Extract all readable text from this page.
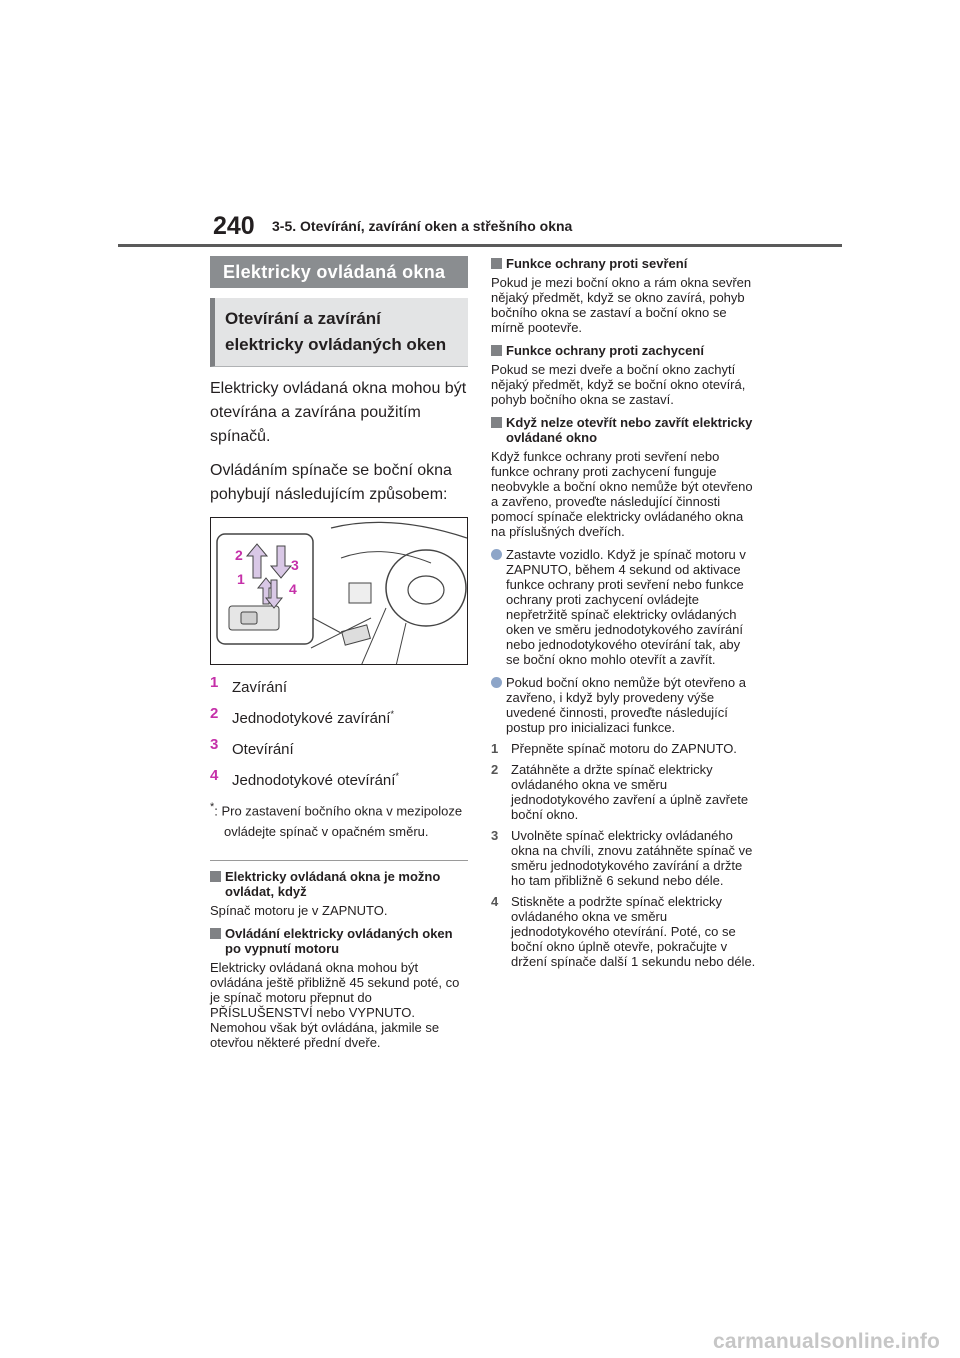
240 3-5. Otevírání, zavírání oken a střešního okna
Elektricky ovládaná okna
Otevírání a zavírání elektricky ovládaných oken

Elektricky ovládaná okna mohou být otevírána a zavírána použitím spínačů.

Ovládáním spínače se boční okna pohybují následujícím způsobem:

2
1
3
4
1 Zavírání
2 Jednodotykové zavírání*
3 Otevírání
4 Jednodotykové otevírání*

*: Pro zastavení bočního okna v mezipoloze ovládejte spínač v opačném směru.

Elektricky ovládaná okna je možno ovládat, když

Spínač motoru je v ZAPNUTO.

Ovládání elektricky ovládaných oken po vypnutí motoru

Elektricky ovládaná okna mohou být ovládána ještě přibližně 45 sekund poté, co je spínač motoru přepnut do PŘÍSLUŠENSTVÍ nebo VYPNUTO. Nemohou však být ovládána, jakmile se otevřou některé přední dveře.

Funkce ochrany proti sevření

Pokud je mezi boční okno a rám okna sevřen nějaký předmět, když se okno zavírá, pohyb bočního okna se zastaví a boční okno se mírně pootevře.

Funkce ochrany proti zachycení

Pokud se mezi dveře a boční okno zachytí nějaký předmět, když se boční okno otevírá, pohyb bočního okna se zastaví.

Když nelze otevřít nebo zavřít elektricky ovládané okno

Když funkce ochrany proti sevření nebo funkce ochrany proti zachycení funguje neobvykle a boční okno nemůže být otevřeno a zavřeno, proveďte následující činnosti pomocí spínače elektricky ovládaného okna na příslušných dveřích.

Zastavte vozidlo. Když je spínač motoru v ZAPNUTO, během 4 sekund od aktivace funkce ochrany proti sevření nebo funkce ochrany proti zachycení ovládejte nepřetržitě spínač elektricky ovládaných oken ve směru jednodotykového zavírání nebo jednodotykového otevírání tak, aby se boční okno mohlo otevřít a zavřít.
Pokud boční okno nemůže být otevřeno a zavřeno, i když byly provedeny výše uvedené činnosti, proveďte následující postup pro inicializaci funkce.
1 Přepněte spínač motoru do ZAPNUTO.
2 Zatáhněte a držte spínač elektricky ovládaného okna ve směru jednodotykového zavření a úplně zavřete boční okno.
3 Uvolněte spínač elektricky ovládaného okna na chvíli, znovu zatáhněte spínač ve směru jednodotykového zavírání a držte ho tam přibližně 6 sekund nebo déle.
4 Stiskněte a podržte spínač elektricky ovládaného okna ve směru jednodotykového otevírání. Poté, co se boční okno úplně otevře, pokračujte v držení spínače další 1 sekundu nebo déle.
carmanualsonline.info
